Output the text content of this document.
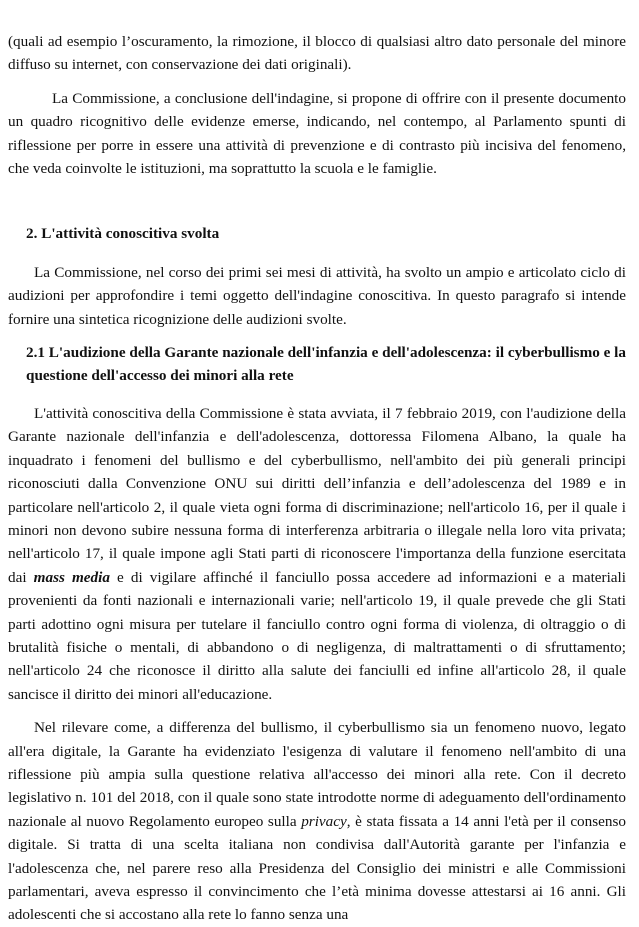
(quali ad esempio l’oscuramento, la rimozione, il blocco di qualsiasi altro dato personale del minore diffuso su internet, con conservazione dei dati originali).

La Commissione, a conclusione dell'indagine, si propone di offrire con il presente documento un quadro ricognitivo delle evidenze emerse, indicando, nel contempo, al Parlamento spunti di riflessione per porre in essere una attività di prevenzione e di contrasto più incisiva del fenomeno, che veda coinvolte le istituzioni, ma soprattutto la scuola e le famiglie.

2. L'attività conoscitiva svolta

La Commissione, nel corso dei primi sei mesi di attività, ha svolto un ampio e articolato ciclo di audizioni per approfondire i temi oggetto dell'indagine conoscitiva. In questo paragrafo si intende fornire una sintetica ricognizione delle audizioni svolte.

2.1 L'audizione della Garante nazionale dell'infanzia e dell'adolescenza: il cyberbullismo e la questione dell'accesso dei minori alla rete

L'attività conoscitiva della Commissione è stata avviata, il 7 febbraio 2019, con l'audizione della Garante nazionale dell'infanzia e dell'adolescenza, dottoressa Filomena Albano, la quale ha inquadrato i fenomeni del bullismo e del cyberbullismo, nell'ambito dei più generali principi riconosciuti dalla Convenzione ONU sui diritti dell’infanzia e dell’adolescenza del 1989 e in particolare nell'articolo 2, il quale vieta ogni forma di discriminazione; nell'articolo 16, per il quale i minori non devono subire nessuna forma di interferenza arbitraria o illegale nella loro vita privata; nell'articolo 17, il quale impone agli Stati parti di riconoscere l'importanza della funzione esercitata dai mass media e di vigilare affinché il fanciullo possa accedere ad informazioni e a materiali provenienti da fonti nazionali e internazionali varie; nell'articolo 19, il quale prevede che gli Stati parti adottino ogni misura per tutelare il fanciullo contro ogni forma di violenza, di oltraggio o di brutalità fisiche o mentali, di abbandono o di negligenza, di maltrattamenti o di sfruttamento; nell'articolo 24 che riconosce il diritto alla salute dei fanciulli ed infine all'articolo 28, il quale sancisce il diritto dei minori all'educazione.

Nel rilevare come, a differenza del bullismo, il cyberbullismo sia un fenomeno nuovo, legato all'era digitale, la Garante ha evidenziato l'esigenza di valutare il fenomeno nell'ambito di una riflessione più ampia sulla questione relativa all'accesso dei minori alla rete. Con il decreto legislativo n. 101 del 2018, con il quale sono state introdotte norme di adeguamento dell'ordinamento nazionale al nuovo Regolamento europeo sulla privacy, è stata fissata a 14 anni l'età per il consenso digitale. Si tratta di una scelta italiana non condivisa dall'Autorità garante per l'infanzia e l'adolescenza che, nel parere reso alla Presidenza del Consiglio dei ministri e alle Commissioni parlamentari, aveva espresso il convincimento che l’età minima dovesse attestarsi ai 16 anni. Gli adolescenti che si accostano alla rete lo fanno senza una
